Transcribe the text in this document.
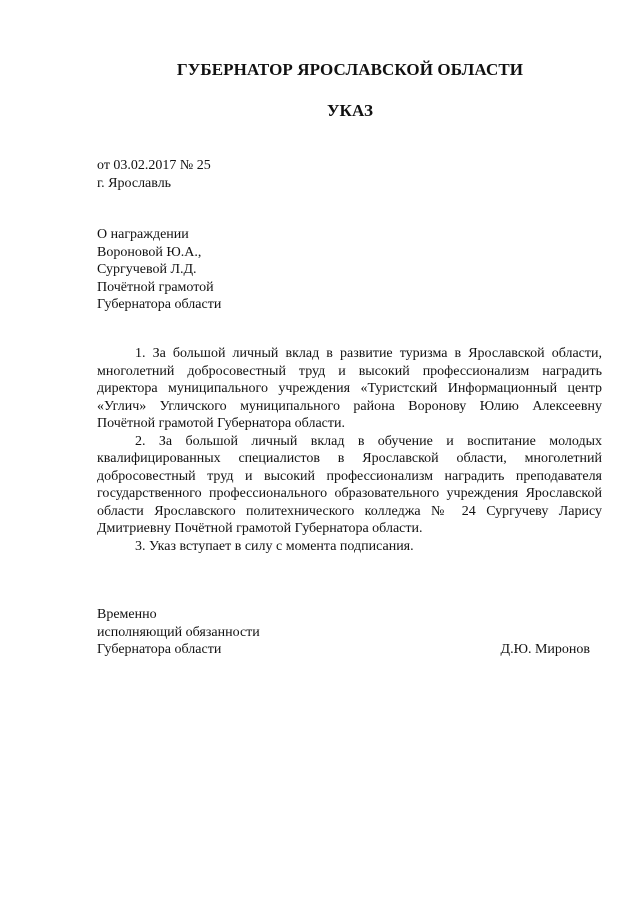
ГУБЕРНАТОР ЯРОСЛАВСКОЙ ОБЛАСТИ
УКАЗ
от 03.02.2017 № 25
г. Ярославль
О награждении
Вороновой Ю.А.,
Сургучевой Л.Д.
Почётной грамотой
Губернатора области

1. За большой личный вклад в развитие туризма в Ярославской области, многолетний добросовестный труд и высокий профессионализм наградить директора муниципального учреждения «Туристский Информационный центр «Углич» Угличского муниципального района Воронову Юлию Алексеевну Почётной грамотой Губернатора области.

2. За большой личный вклад в обучение и воспитание молодых квалифицированных специалистов в Ярославской области, многолетний добросовестный труд и высокий профессионализм наградить преподавателя государственного профессионального образовательного учреждения Ярославской области Ярославского политехнического колледжа № 24 Сургучеву Ларису Дмитриевну Почётной грамотой Губернатора области.

3. Указ вступает в силу с момента подписания.

Временно
исполняющий обязанности
Губернатора области	Д.Ю. Миронов
